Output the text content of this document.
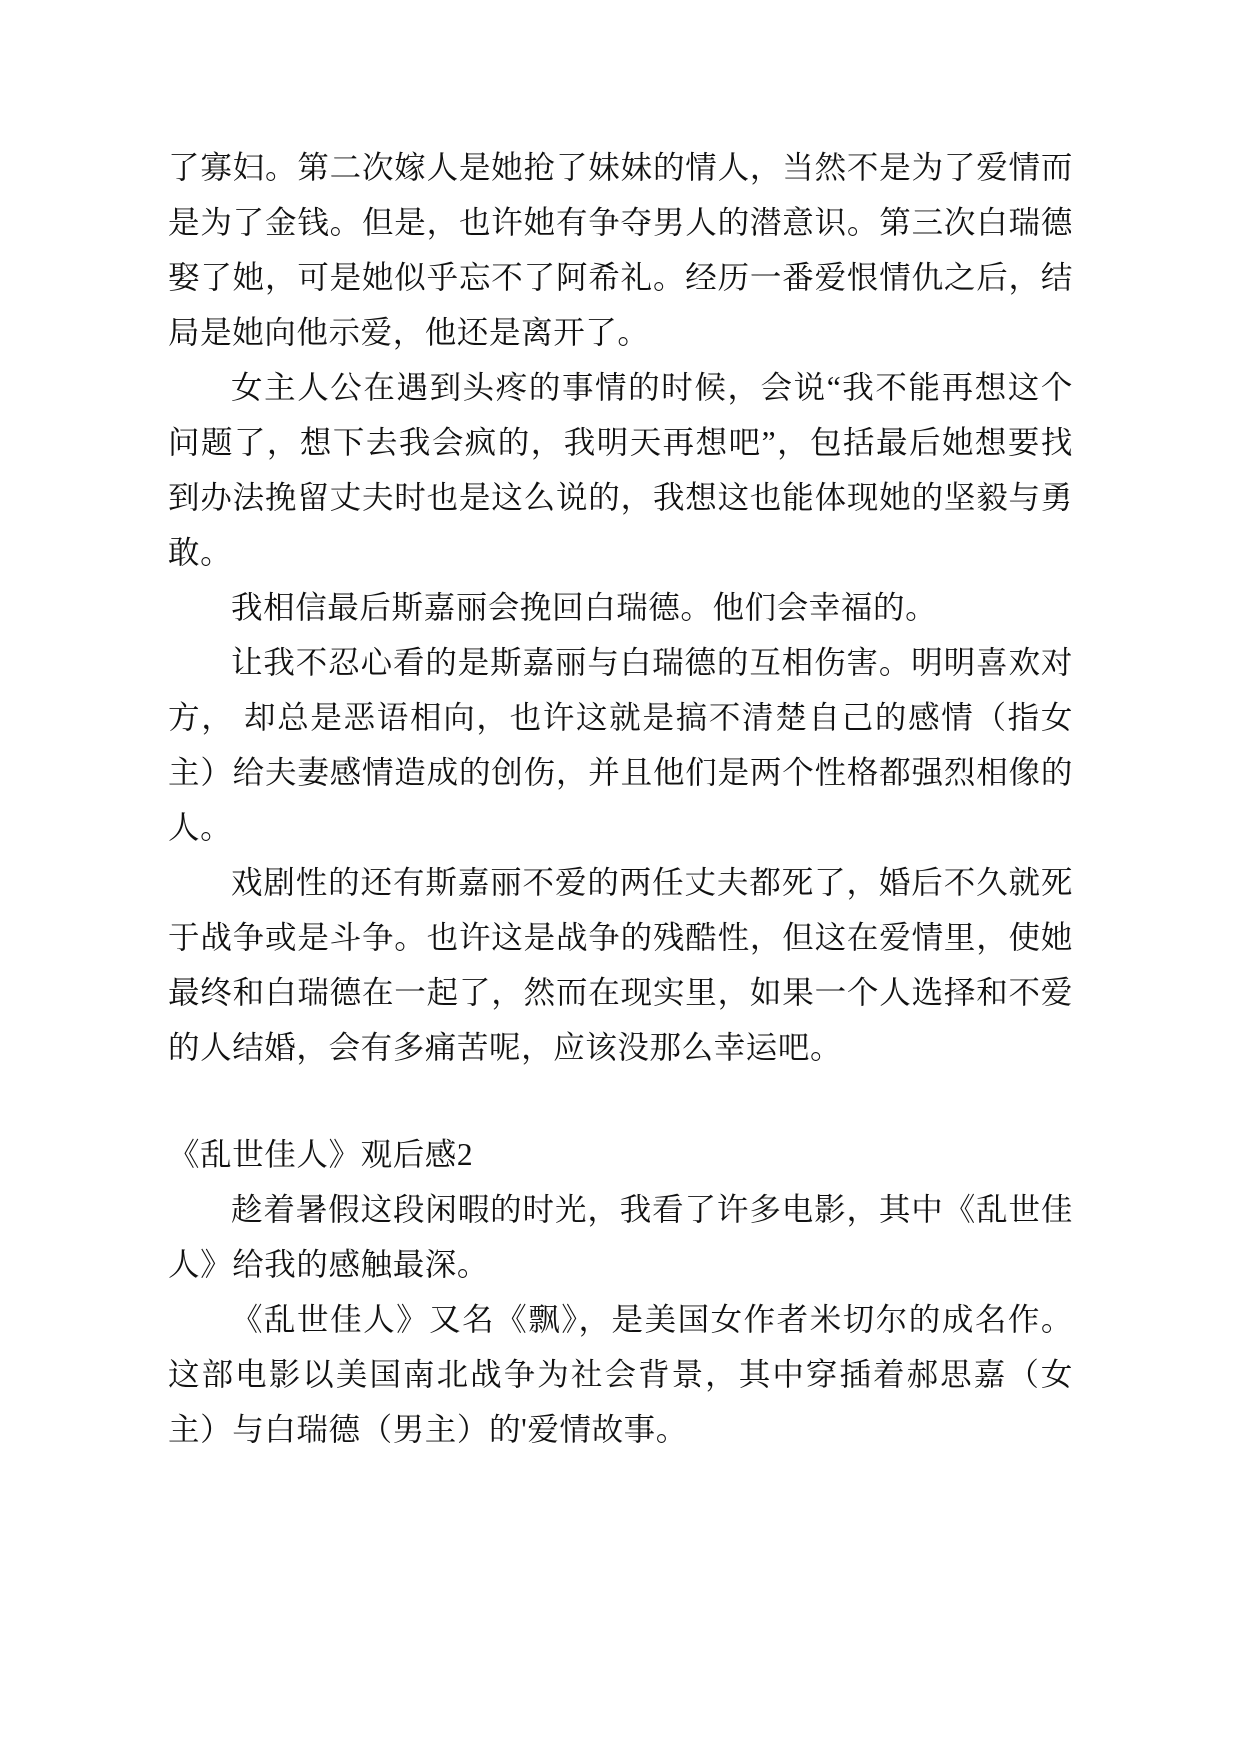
了寡妇。第二次嫁人是她抢了妹妹的情人，当然不是为了爱情而是为了金钱。但是，也许她有争夺男人的潜意识。第三次白瑞德娶了她，可是她似乎忘不了阿希礼。经历一番爱恨情仇之后，结局是她向他示爱，他还是离开了。

女主人公在遇到头疼的事情的时候，会说“我不能再想这个问题了，想下去我会疯的，我明天再想吧”，包括最后她想要找到办法挽留丈夫时也是这么说的，我想这也能体现她的坚毅与勇敢。

我相信最后斯嘉丽会挽回白瑞德。他们会幸福的。

让我不忍心看的是斯嘉丽与白瑞德的互相伤害。明明喜欢对方， 却总是恶语相向，也许这就是搞不清楚自己的感情（指女主）给夫妻感情造成的创伤，并且他们是两个性格都强烈相像的人。

戏剧性的还有斯嘉丽不爱的两任丈夫都死了，婚后不久就死于战争或是斗争。也许这是战争的残酷性，但这在爱情里，使她最终和白瑞德在一起了，然而在现实里，如果一个人选择和不爱的人结婚，会有多痛苦呢，应该没那么幸运吧。

《乱世佳人》观后感2

趁着暑假这段闲暇的时光，我看了许多电影，其中《乱世佳人》给我的感触最深。

《乱世佳人》又名《飘》，是美国女作者米切尔的成名作。这部电影以美国南北战争为社会背景，其中穿插着郝思嘉（女主）与白瑞德（男主）的'爱情故事。
